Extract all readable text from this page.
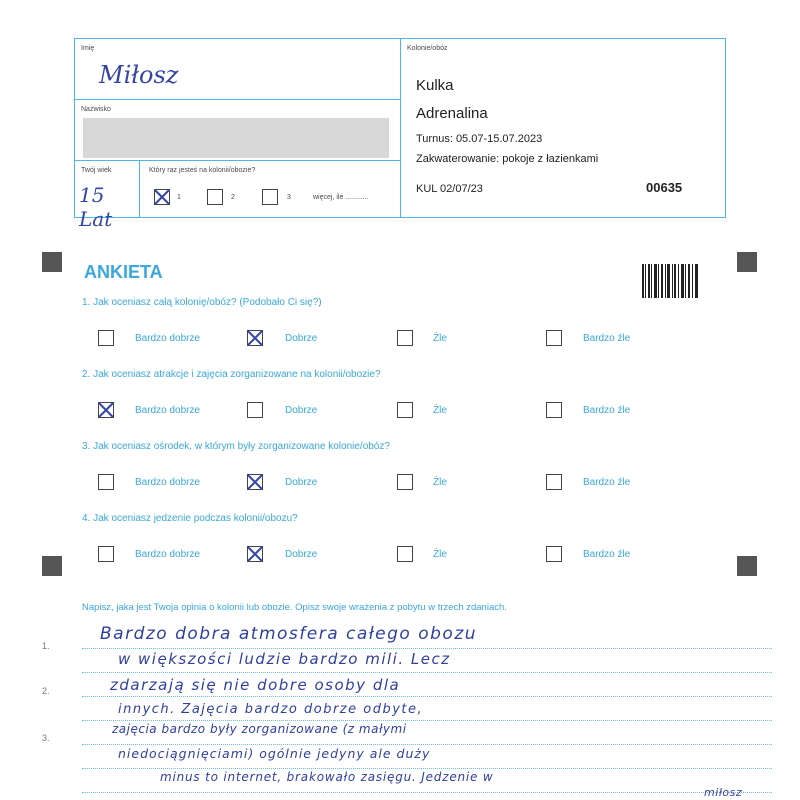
Imię
Miłosz
Nazwisko
Twój wiek
15 Lat
Który raz jesteś na kolonii/obozie?
1	2	3	więcej, ile ............
Kolonie/obóz
Kulka
Adrenalina
Turnus: 05.07-15.07.2023
Zakwaterowanie: pokoje z łazienkami
KUL 02/07/23	00635
ANKIETA
1. Jak oceniasz całą kolonię/obóz? (Podobało Ci się?)
Bardzo dobrze	Dobrze	Źle	Bardzo źle
2. Jak oceniasz atrakcje i zajęcia zorganizowane na kolonii/obozie?
Bardzo dobrze	Dobrze	Źle	Bardzo źle
3. Jak oceniasz ośrodek, w którym były zorganizowane kolonie/obóz?
Bardzo dobrze	Dobrze	Źle	Bardzo źle
4. Jak oceniasz jedzenie podczas kolonii/obozu?
Bardzo dobrze	Dobrze	Źle	Bardzo źle
Napisz, jaka jest Twoja opinia o kolonii lub obozie. Opisz swoje wrażenia z pobytu w trzech zdaniach.
1.
2.
3.
Bardzo dobra atmosfera całego obozu
w większości ludzie bardzo mili. Lecz
zdarzają się nie dobre osoby dla
innych. Zajęcia bardzo dobrze odbyte,
zajęcia bardzo były zorganizowane (z małymi
niedociągnięciami) ogólnie jedyny ale duży
minus to internet, brakowało zasięgu. Jedzenie w
miłosz
